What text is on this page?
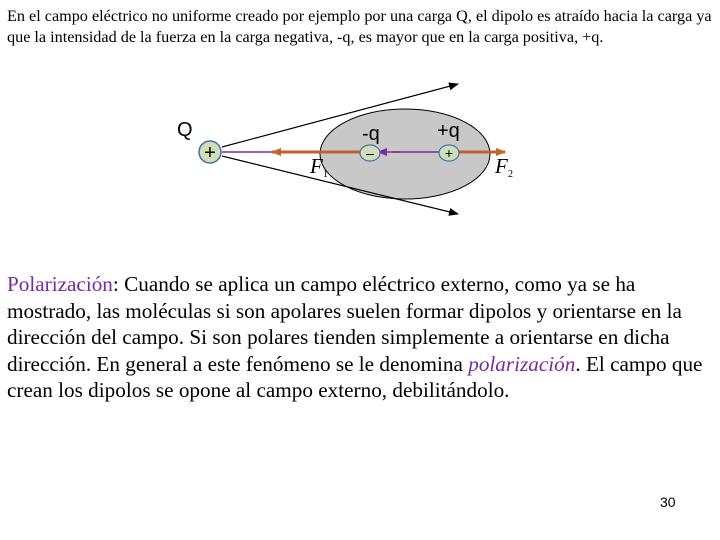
En el campo eléctrico no uniforme creado por ejemplo por una carga Q, el dipolo es atraído hacia la carga ya que la intensidad de la fuerza en la carga negativa, -q, es mayor que en la carga positiva, +q.

Q
+
-q
–
+q
+
F 1	F 2

Polarización: Cuando se aplica un campo eléctrico externo, como ya se ha mostrado, las moléculas si son apolares suelen formar dipolos y orientarse en la dirección del campo. Si son polares tienden simplemente a orientarse en dicha dirección. En general a este fenómeno se le denomina polarización. El campo que crean los dipolos se opone al campo externo, debilitándolo.

30
